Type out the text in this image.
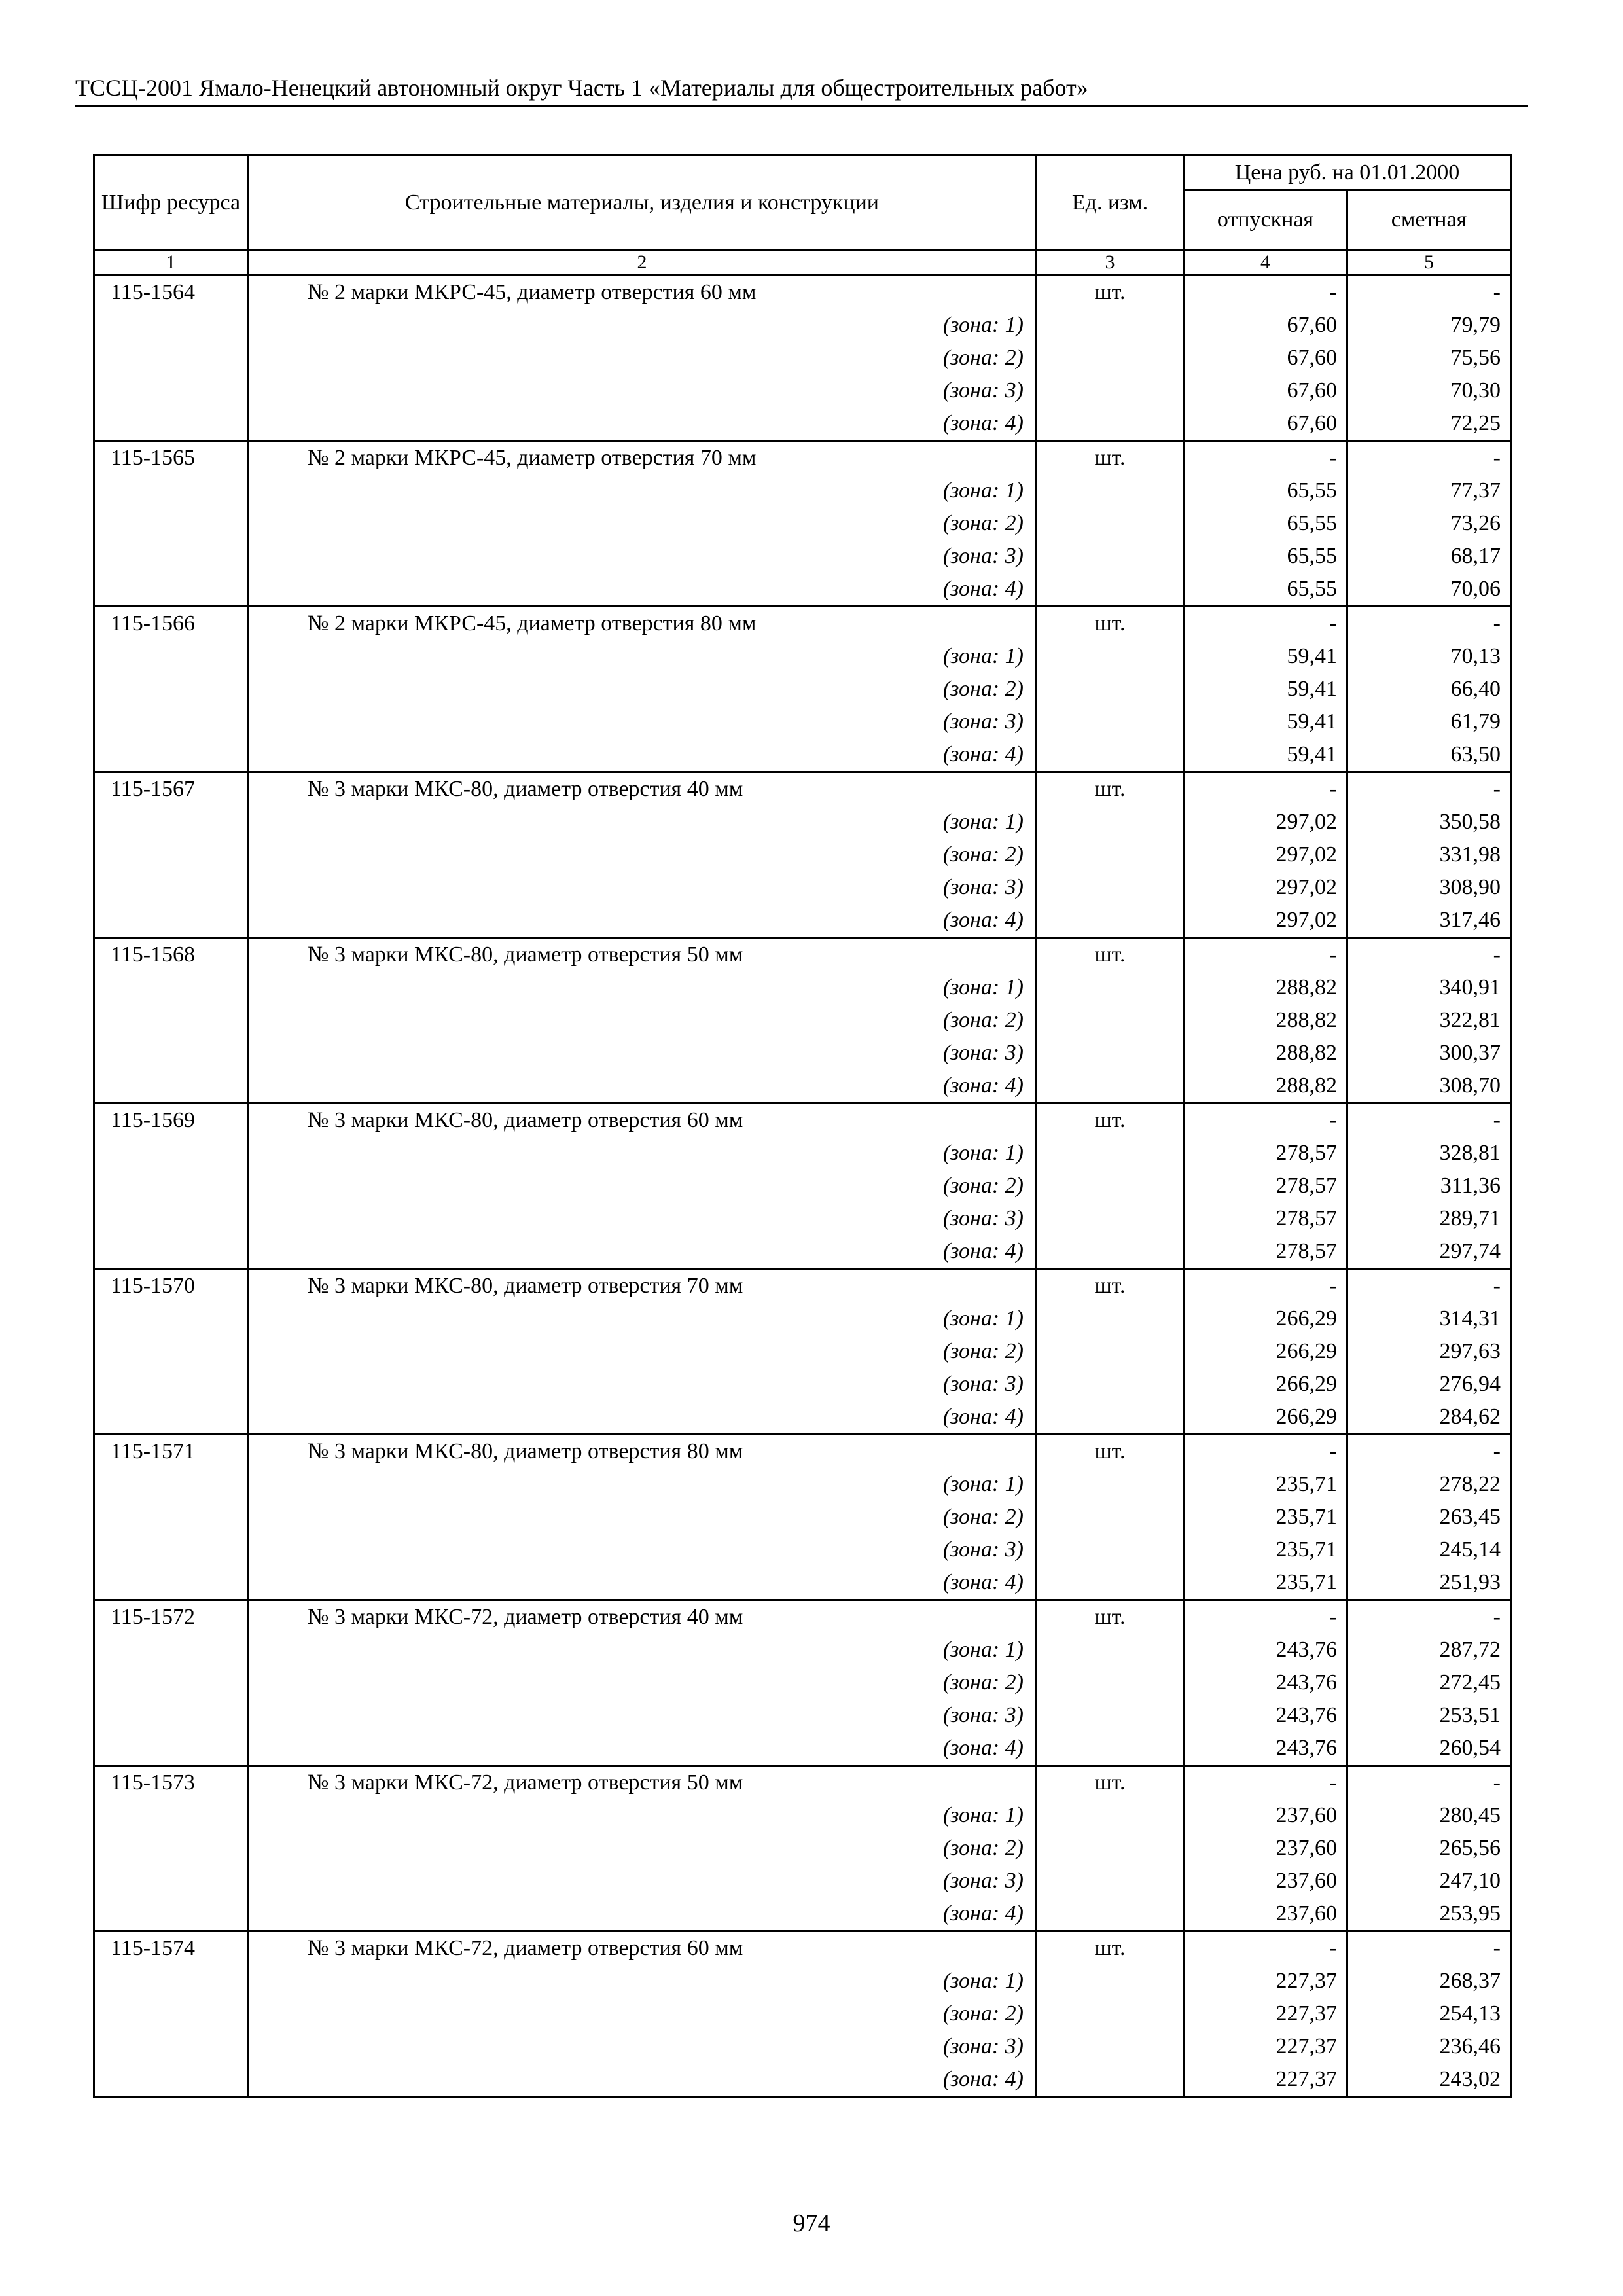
ТССЦ-2001 Ямало-Ненецкий автономный округ Часть 1 «Материалы для общестроительных работ»
Шифр ресурса	Строительные материалы, изделия и конструкции	Ед. изм.	Цена руб. на 01.01.2000	
			отпускная	сметная
1	2	3	4	5
115-1564	№ 2 марки МКРС-45, диаметр отверстия 60 мм	шт.	-	-
	(зона: 1)		67,60	79,79
	(зона: 2)		67,60	75,56
	(зона: 3)		67,60	70,30
	(зона: 4)		67,60	72,25
115-1565	№ 2 марки МКРС-45, диаметр отверстия 70 мм	шт.	-	-
	(зона: 1)		65,55	77,37
	(зона: 2)		65,55	73,26
	(зона: 3)		65,55	68,17
	(зона: 4)		65,55	70,06
115-1566	№ 2 марки МКРС-45, диаметр отверстия 80 мм	шт.	-	-
	(зона: 1)		59,41	70,13
	(зона: 2)		59,41	66,40
	(зона: 3)		59,41	61,79
	(зона: 4)		59,41	63,50
115-1567	№ 3 марки МКС-80, диаметр отверстия 40 мм	шт.	-	-
	(зона: 1)		297,02	350,58
	(зона: 2)		297,02	331,98
	(зона: 3)		297,02	308,90
	(зона: 4)		297,02	317,46
115-1568	№ 3 марки МКС-80, диаметр отверстия 50 мм	шт.	-	-
	(зона: 1)		288,82	340,91
	(зона: 2)		288,82	322,81
	(зона: 3)		288,82	300,37
	(зона: 4)		288,82	308,70
115-1569	№ 3 марки МКС-80, диаметр отверстия 60 мм	шт.	-	-
	(зона: 1)		278,57	328,81
	(зона: 2)		278,57	311,36
	(зона: 3)		278,57	289,71
	(зона: 4)		278,57	297,74
115-1570	№ 3 марки МКС-80, диаметр отверстия 70 мм	шт.	-	-
	(зона: 1)		266,29	314,31
	(зона: 2)		266,29	297,63
	(зона: 3)		266,29	276,94
	(зона: 4)		266,29	284,62
115-1571	№ 3 марки МКС-80, диаметр отверстия 80 мм	шт.	-	-
	(зона: 1)		235,71	278,22
	(зона: 2)		235,71	263,45
	(зона: 3)		235,71	245,14
	(зона: 4)		235,71	251,93
115-1572	№ 3 марки МКС-72, диаметр отверстия 40 мм	шт.	-	-
	(зона: 1)		243,76	287,72
	(зона: 2)		243,76	272,45
	(зона: 3)		243,76	253,51
	(зона: 4)		243,76	260,54
115-1573	№ 3 марки МКС-72, диаметр отверстия 50 мм	шт.	-	-
	(зона: 1)		237,60	280,45
	(зона: 2)		237,60	265,56
	(зона: 3)		237,60	247,10
	(зона: 4)		237,60	253,95
115-1574	№ 3 марки МКС-72, диаметр отверстия 60 мм	шт.	-	-
	(зона: 1)		227,37	268,37
	(зона: 2)		227,37	254,13
	(зона: 3)		227,37	236,46
	(зона: 4)		227,37	243,02
974
